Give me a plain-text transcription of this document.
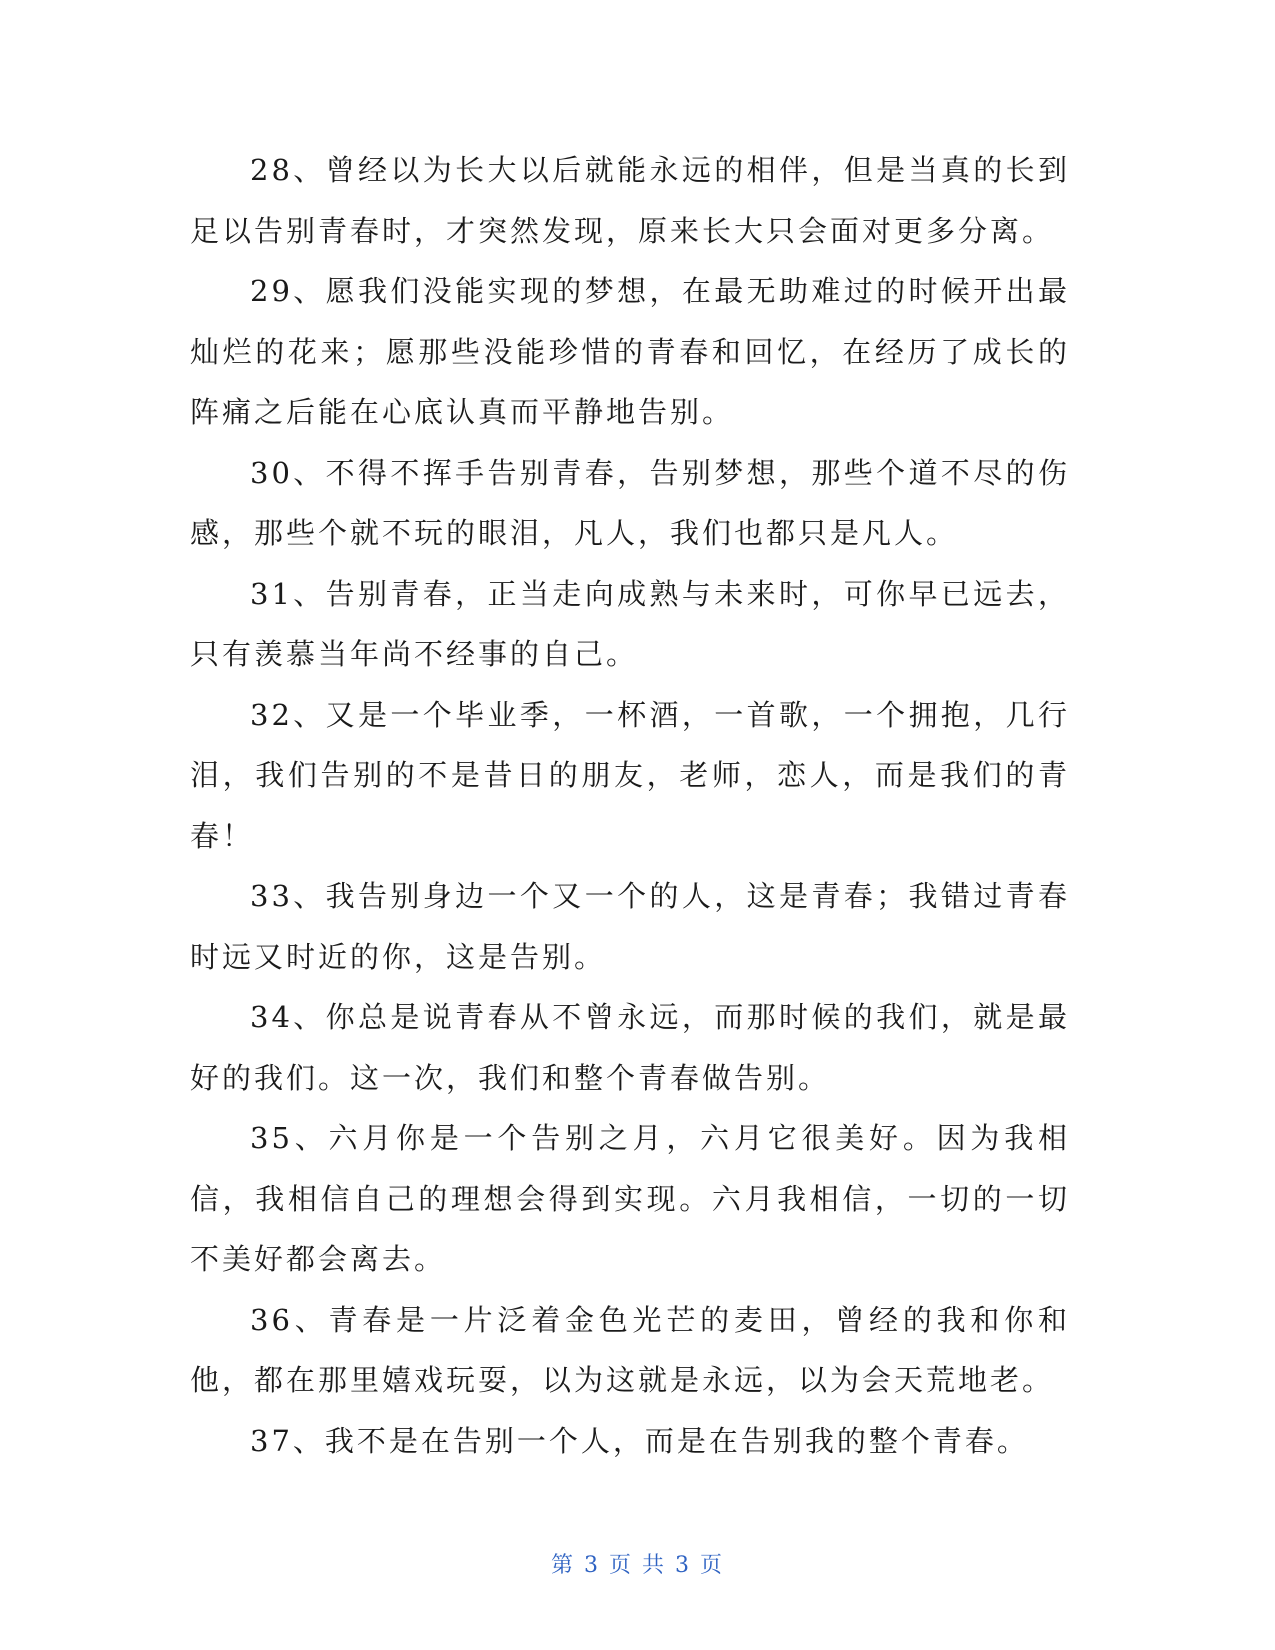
28、曾经以为长大以后就能永远的相伴，但是当真的长到足以告别青春时，才突然发现，原来长大只会面对更多分离。

29、愿我们没能实现的梦想，在最无助难过的时候开出最灿烂的花来；愿那些没能珍惜的青春和回忆，在经历了成长的阵痛之后能在心底认真而平静地告别。

30、不得不挥手告别青春，告别梦想，那些个道不尽的伤感，那些个就不玩的眼泪，凡人，我们也都只是凡人。

31、告别青春，正当走向成熟与未来时，可你早已远去，只有羡慕当年尚不经事的自己。

32、又是一个毕业季，一杯酒，一首歌，一个拥抱，几行泪，我们告别的不是昔日的朋友，老师，恋人，而是我们的青春！

33、我告别身边一个又一个的人，这是青春；我错过青春时远又时近的你，这是告别。

34、你总是说青春从不曾永远，而那时候的我们，就是最好的我们。这一次，我们和整个青春做告别。

35、六月你是一个告别之月，六月它很美好。因为我相信，我相信自己的理想会得到实现。六月我相信，一切的一切不美好都会离去。

36、青春是一片泛着金色光芒的麦田，曾经的我和你和他，都在那里嬉戏玩耍，以为这就是永远，以为会天荒地老。

37、我不是在告别一个人，而是在告别我的整个青春。

第 3 页 共 3 页
